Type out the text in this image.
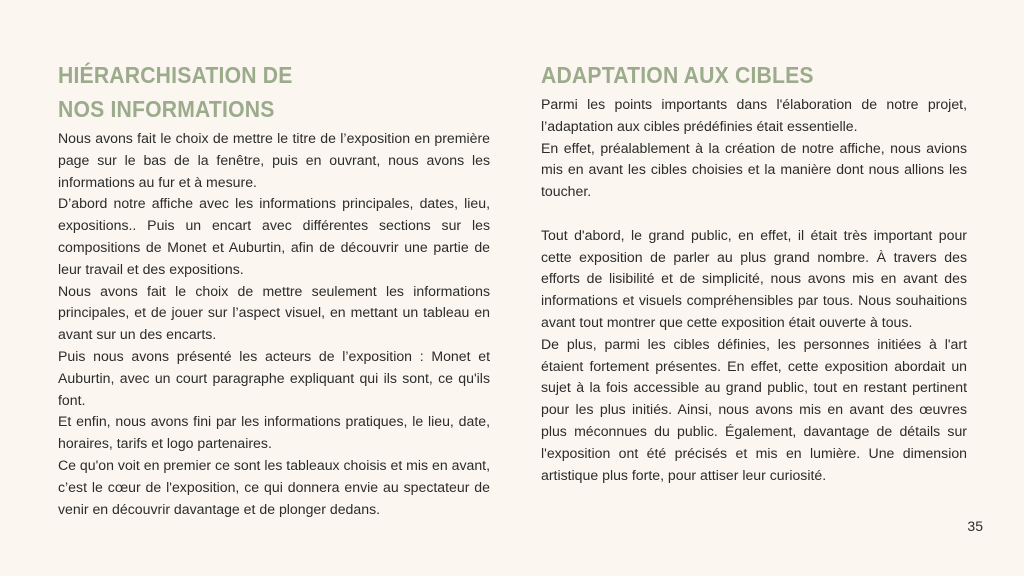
HIÉRARCHISATION DE NOS INFORMATIONS

Nous avons fait le choix de mettre le titre de l’exposition en première page sur le bas de la fenêtre, puis en ouvrant, nous avons les informations au fur et à mesure.

D’abord notre affiche avec les informations principales, dates, lieu, expositions.. Puis un encart avec différentes sections sur les compositions de Monet et Auburtin, afin de découvrir une partie de leur travail et des expositions.

Nous avons fait le choix de mettre seulement les informations principales, et de jouer sur l’aspect visuel, en mettant un tableau en avant sur un des encarts.

Puis nous avons présenté les acteurs de l’exposition : Monet et Auburtin, avec un court paragraphe expliquant qui ils sont, ce qu'ils font.

Et enfin, nous avons fini par les informations pratiques, le lieu, date, horaires, tarifs et logo partenaires.

Ce qu'on voit en premier ce sont les tableaux choisis et mis en avant, c’est le cœur de l'exposition, ce qui donnera envie au spectateur de venir en découvrir davantage et de plonger dedans.

ADAPTATION AUX CIBLES

Parmi les points importants dans l'élaboration de notre projet, l’adaptation aux cibles prédéfinies était essentielle.

En effet, préalablement à la création de notre affiche, nous avions mis en avant les cibles choisies et la manière dont nous allions les toucher.

Tout d'abord, le grand public, en effet, il était très important pour cette exposition de parler au plus grand nombre. À travers des efforts de lisibilité et de simplicité, nous avons mis en avant des informations et visuels compréhensibles par tous. Nous souhaitions avant tout montrer que cette exposition était ouverte à tous.

De plus, parmi les cibles définies, les personnes initiées à l'art étaient fortement présentes. En effet, cette exposition abordait un sujet à la fois accessible au grand public, tout en restant pertinent pour les plus initiés. Ainsi, nous avons mis en avant des œuvres plus méconnues du public. Également, davantage de détails sur l'exposition ont été précisés et mis en lumière. Une dimension artistique plus forte, pour attiser leur curiosité.

35
